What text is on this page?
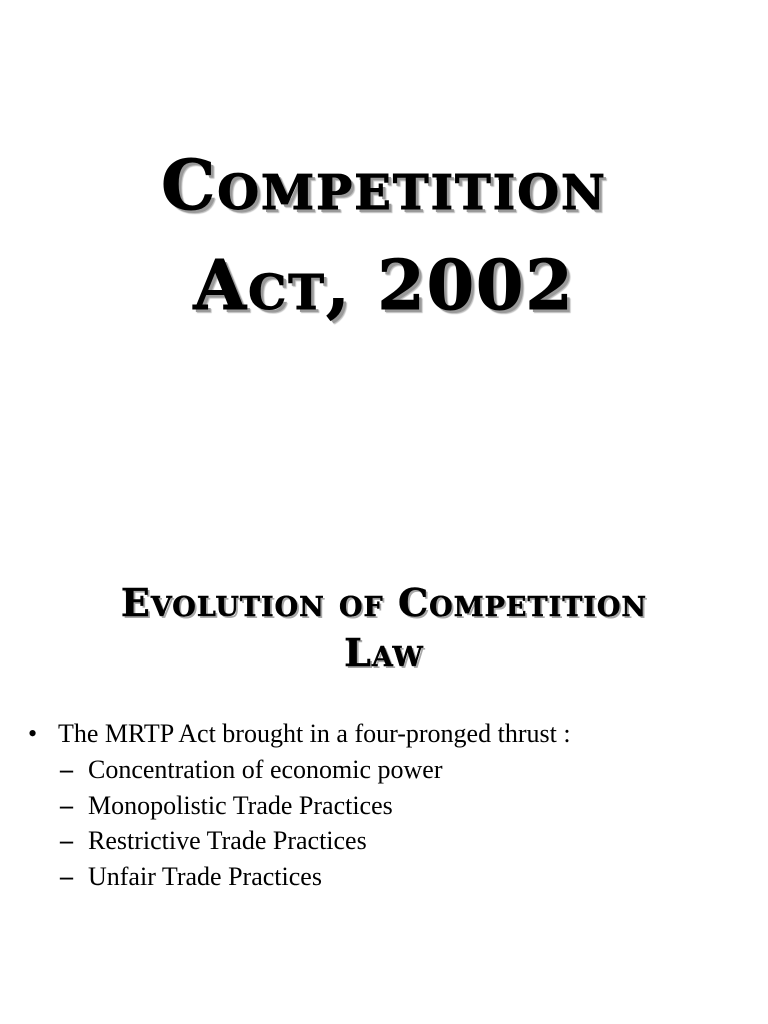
Competition
Act, 2002
Evolution of Competition
Law
• The MRTP Act brought in a four-pronged thrust :
– Concentration of economic power
– Monopolistic Trade Practices
– Restrictive Trade Practices
– Unfair Trade Practices
